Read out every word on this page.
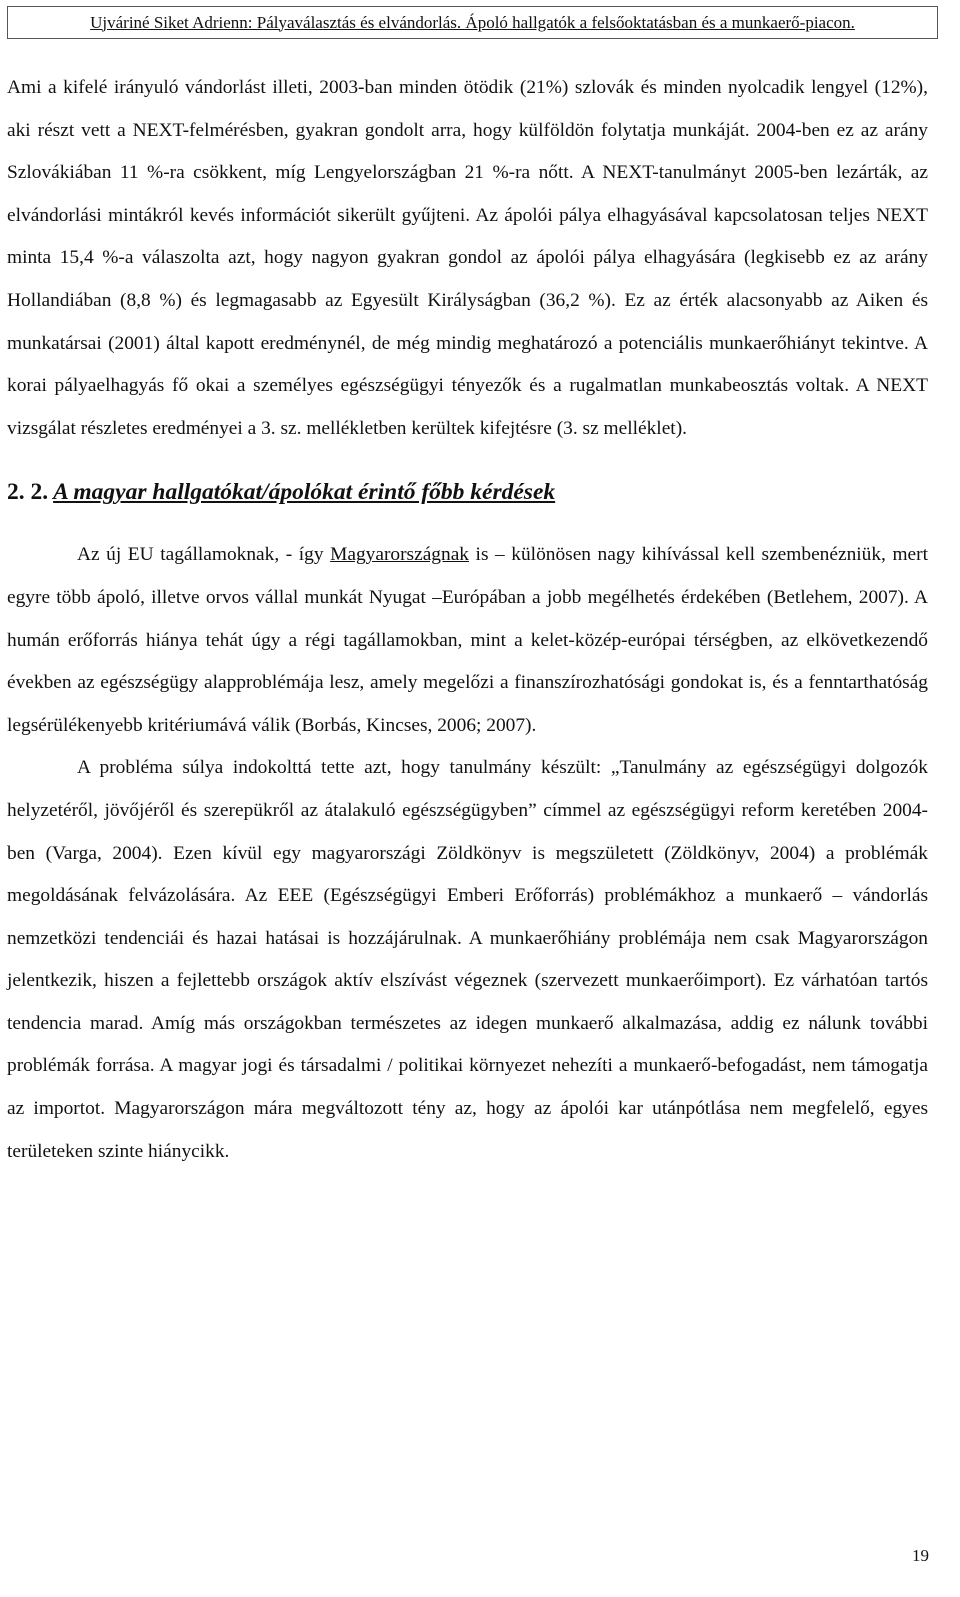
Ujváriné Siket Adrienn: Pályaválasztás és elvándorlás. Ápoló hallgatók a felsőoktatásban és a munkaerő-piacon.

Ami a kifelé irányuló vándorlást illeti, 2003-ban minden ötödik (21%) szlovák és minden nyolcadik lengyel (12%), aki részt vett a NEXT-felmérésben, gyakran gondolt arra, hogy külföldön folytatja munkáját. 2004-ben ez az arány Szlovákiában 11 %-ra csökkent, míg Lengyelországban 21 %-ra nőtt. A NEXT-tanulmányt 2005-ben lezárták, az elvándorlási mintákról kevés információt sikerült gyűjteni. Az ápolói pálya elhagyásával kapcsolatosan teljes NEXT minta 15,4 %-a válaszolta azt, hogy nagyon gyakran gondol az ápolói pálya elhagyására (legkisebb ez az arány Hollandiában (8,8 %) és legmagasabb az Egyesült Királyságban (36,2 %). Ez az érték alacsonyabb az Aiken és munkatársai (2001) által kapott eredménynél, de még mindig meghatározó a potenciális munkaerőhiányt tekintve. A korai pályaelhagyás fő okai a személyes egészségügyi tényezők és a rugalmatlan munkabeosztás voltak. A NEXT vizsgálat részletes eredményei a 3. sz. mellékletben kerültek kifejtésre (3. sz melléklet).

2. 2. A magyar hallgatókat/ápolókat érintő főbb kérdések

Az új EU tagállamoknak, - így Magyarországnak is – különösen nagy kihívással kell szembenézniük, mert egyre több ápoló, illetve orvos vállal munkát Nyugat –Európában a jobb megélhetés érdekében (Betlehem, 2007). A humán erőforrás hiánya tehát úgy a régi tagállamokban, mint a kelet-közép-európai térségben, az elkövetkezendő években az egészségügy alapproblémája lesz, amely megelőzi a finanszírozhatósági gondokat is, és a fenntarthatóság legsérülékenyebb kritériumává válik (Borbás, Kincses, 2006; 2007).

A probléma súlya indokolttá tette azt, hogy tanulmány készült: „Tanulmány az egészségügyi dolgozók helyzetéről, jövőjéről és szerepükről az átalakuló egészségügyben” címmel az egészségügyi reform keretében 2004-ben (Varga, 2004). Ezen kívül egy magyarországi Zöldkönyv is megszületett (Zöldkönyv, 2004) a problémák megoldásának felvázolására. Az EEE (Egészségügyi Emberi Erőforrás) problémákhoz a munkaerő – vándorlás nemzetközi tendenciái és hazai hatásai is hozzájárulnak. A munkaerőhiány problémája nem csak Magyarországon jelentkezik, hiszen a fejlettebb országok aktív elszívást végeznek (szervezett munkaerőimport). Ez várhatóan tartós tendencia marad. Amíg más országokban természetes az idegen munkaerő alkalmazása, addig ez nálunk további problémák forrása. A magyar jogi és társadalmi / politikai környezet nehezíti a munkaerő-befogadást, nem támogatja az importot. Magyarországon mára megváltozott tény az, hogy az ápolói kar utánpótlása nem megfelelő, egyes területeken szinte hiánycikk.

19
